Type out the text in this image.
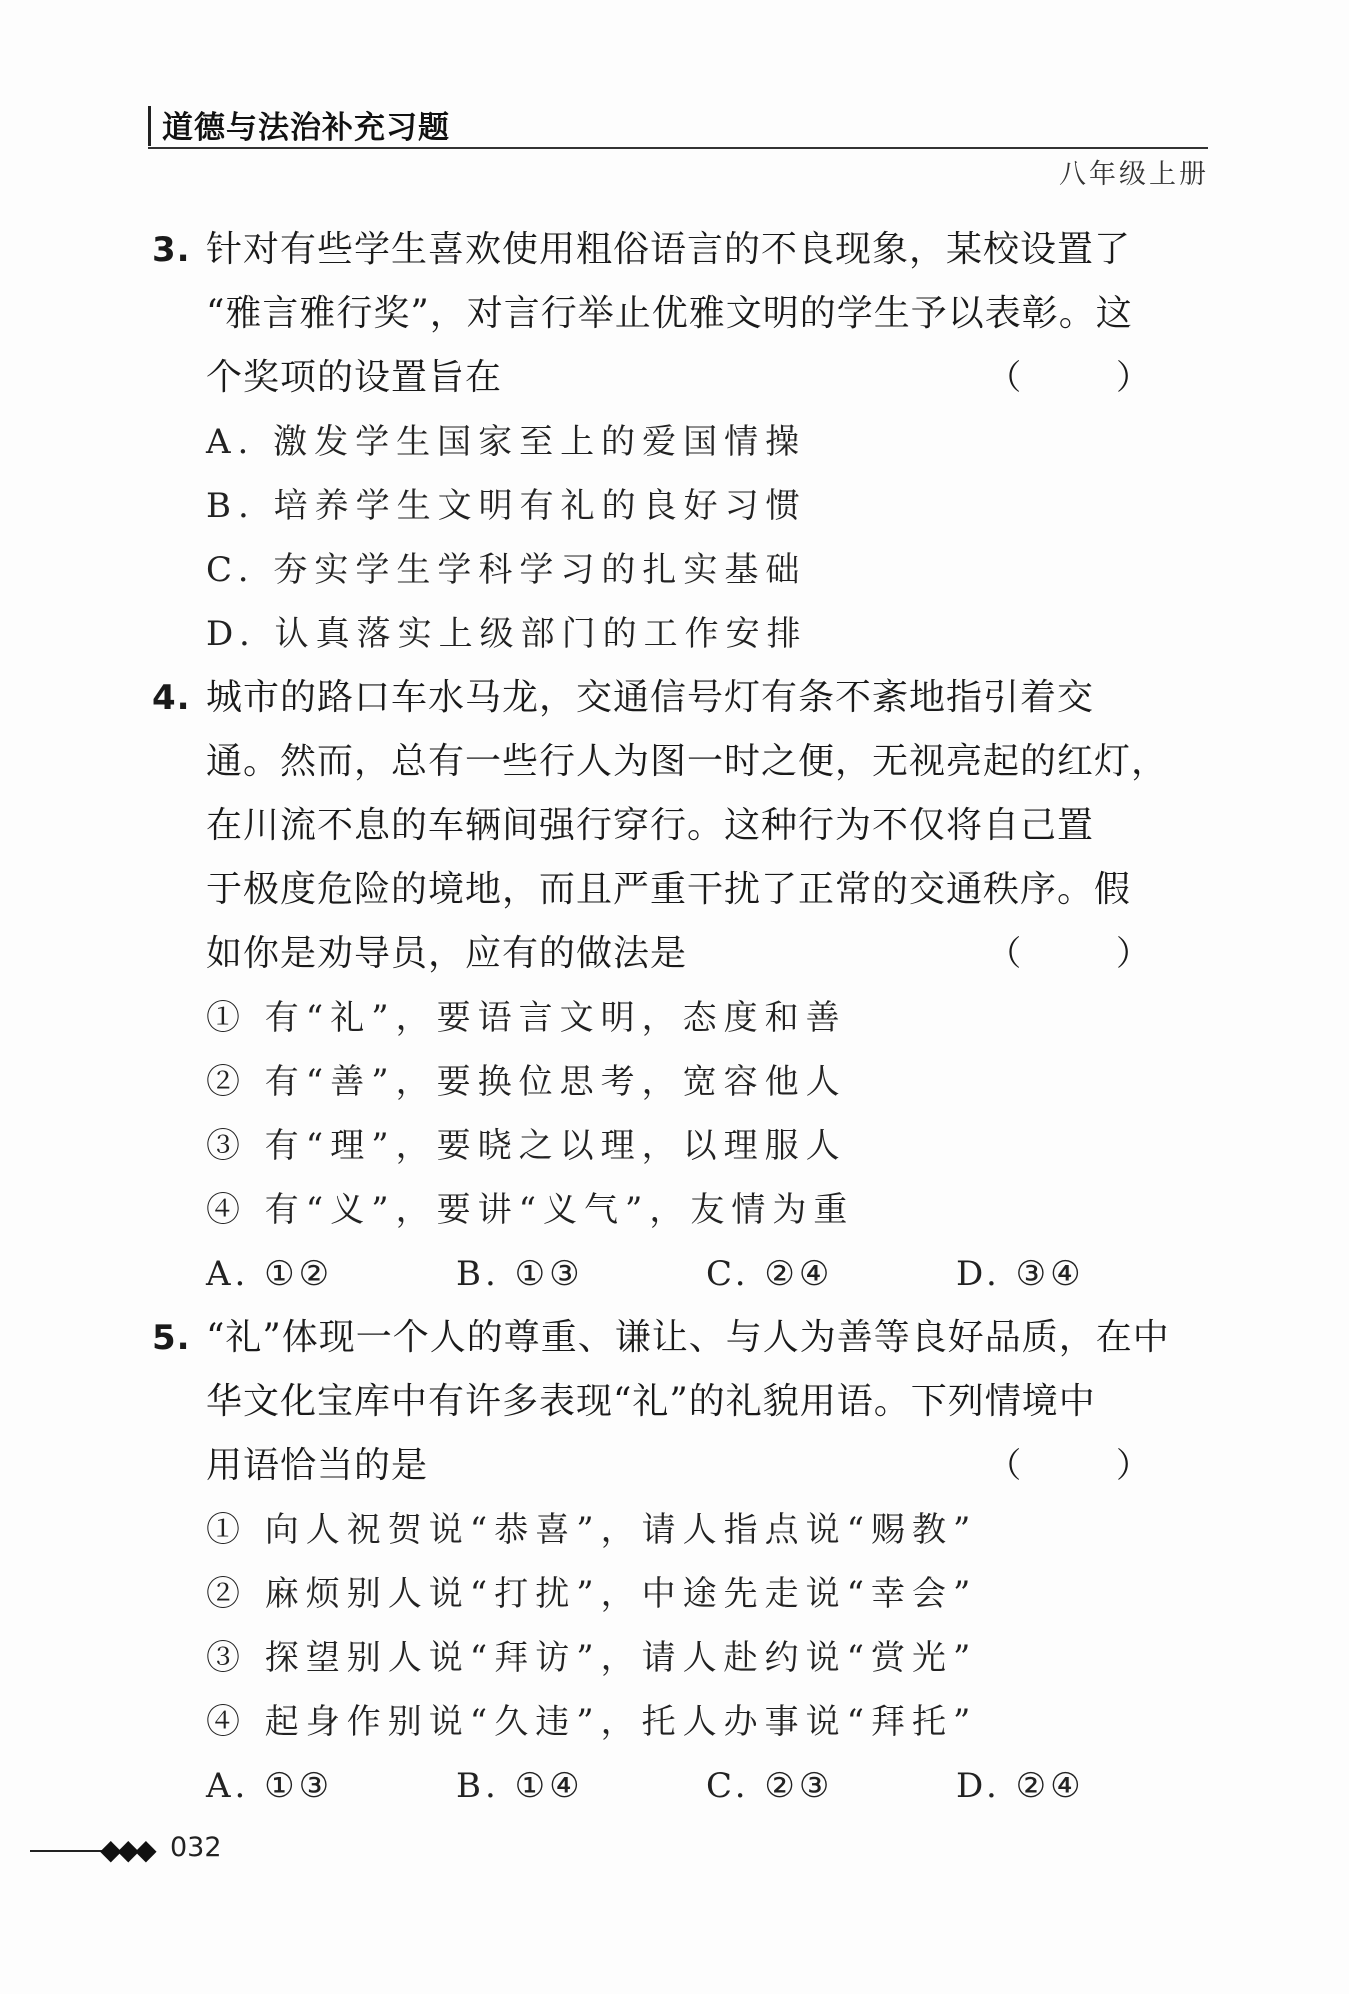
道德与法治补充习题
八年级上册
3. 针对有些学生喜欢使用粗俗语言的不良现象，某校设置了
“雅言雅行奖”，对言行举止优雅文明的学生予以表彰。这
个奖项的设置旨在	（ ）
A. 激发学生国家至上的爱国情操
B. 培养学生文明有礼的良好习惯
C. 夯实学生学科学习的扎实基础
D. 认真落实上级部门的工作安排
4. 城市的路口车水马龙，交通信号灯有条不紊地指引着交
通。然而，总有一些行人为图一时之便，无视亮起的红灯，
在川流不息的车辆间强行穿行。这种行为不仅将自己置
于极度危险的境地，而且严重干扰了正常的交通秩序。假
如你是劝导员，应有的做法是	（ ）
① 有“礼”，要语言文明，态度和善
② 有“善”，要换位思考，宽容他人
③ 有“理”，要晓之以理，以理服人
④ 有“义”，要讲“义气”，友情为重
A. ①②	B. ①③	C. ②④	D. ③④
5. “礼”体现一个人的尊重、谦让、与人为善等良好品质，在中
华文化宝库中有许多表现“礼”的礼貌用语。下列情境中
用语恰当的是	（ ）
① 向人祝贺说“恭喜”，请人指点说“赐教”
② 麻烦别人说“打扰”，中途先走说“幸会”
③ 探望别人说“拜访”，请人赴约说“赏光”
④ 起身作别说“久违”，托人办事说“拜托”
A. ①③	B. ①④	C. ②③	D. ②④
◆◆◆ 032
